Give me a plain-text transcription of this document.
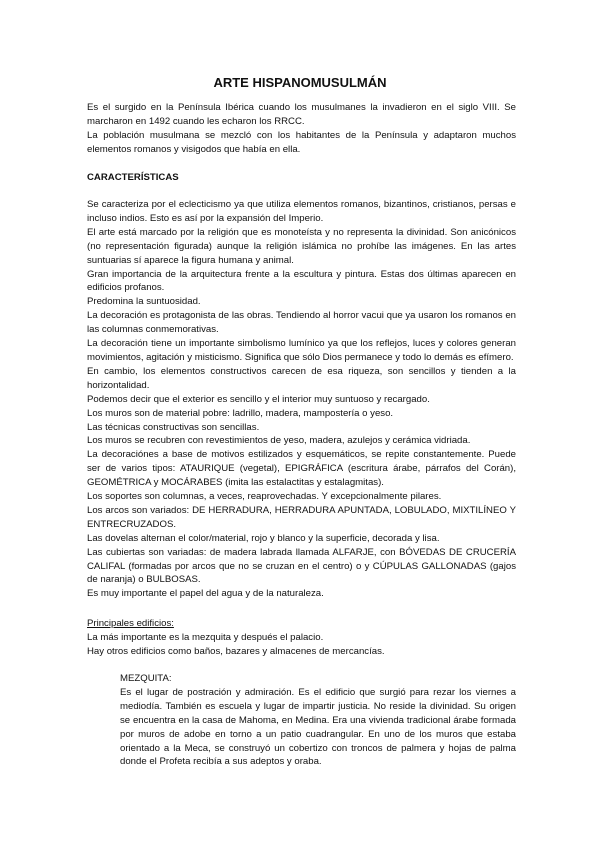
ARTE HISPANOMUSULMÁN

Es el surgido en la Península Ibérica cuando los musulmanes la invadieron en el siglo VIII. Se marcharon en 1492 cuando les echaron los RRCC.

La población musulmana se mezcló con los habitantes de la Península y adaptaron muchos elementos romanos y visigodos que había en ella.

CARACTERÍSTICAS

Se caracteriza por el eclecticismo ya que utiliza elementos romanos, bizantinos, cristianos, persas e incluso indios. Esto es así por la expansión del Imperio.

El arte está marcado por la religión que es monoteísta y no representa la divinidad. Son anicónicos (no representación figurada) aunque la religión islámica no prohíbe las imágenes. En las artes suntuarias sí aparece la figura humana y animal.

Gran importancia de la arquitectura frente a la escultura y pintura. Estas dos últimas aparecen en edificios profanos.

Predomina la suntuosidad.

La decoración es protagonista de las obras. Tendiendo al horror vacui que ya usaron los romanos en las columnas conmemorativas.

La decoración tiene un importante simbolismo lumínico ya que los reflejos, luces y colores generan movimientos, agitación y misticismo. Significa que sólo Dios permanece y todo lo demás es efímero.

En cambio, los elementos constructivos carecen de esa riqueza, son sencillos y tienden a la horizontalidad.

Podemos decir que el exterior es sencillo y el interior muy suntuoso y recargado.

Los muros son de material pobre: ladrillo, madera, mampostería o yeso.

Las técnicas constructivas son sencillas.

Los muros se recubren con revestimientos de yeso, madera, azulejos y cerámica vidriada.

La decoraciónes a base de motivos estilizados y esquemáticos, se repite constantemente. Puede ser de varios tipos: ATAURIQUE (vegetal), EPIGRÁFICA (escritura árabe, párrafos del Corán), GEOMÉTRICA y MOCÁRABES (imita las estalactitas y estalagmitas).

Los soportes son columnas, a veces, reaprovechadas. Y excepcionalmente pilares.

Los arcos son variados: DE HERRADURA, HERRADURA APUNTADA, LOBULADO, MIXTILÍNEO Y ENTRECRUZADOS.

Las dovelas alternan el color/material, rojo y blanco y la superficie, decorada y lisa.

Las cubiertas son variadas: de madera labrada llamada ALFARJE, con BÓVEDAS DE CRUCERÍA CALIFAL (formadas por arcos que no se cruzan en el centro) o y CÚPULAS GALLONADAS (gajos de naranja) o BULBOSAS.

Es muy importante el papel del agua y de la naturaleza.

Principales edificios:

La más importante es la mezquita y después el palacio.

Hay otros edificios como baños, bazares y almacenes de mercancías.

MEZQUITA:

Es el lugar de postración y admiración. Es el edificio que surgió para rezar los viernes a mediodía. También es escuela y lugar de impartir justicia. No reside la divinidad. Su origen se encuentra en la casa de Mahoma, en Medina. Era una vivienda tradicional árabe formada por muros de adobe en torno a un patio cuadrangular. En uno de los muros que estaba orientado a la Meca, se construyó un cobertizo con troncos de palmera y hojas de palma donde el Profeta recibía a sus adeptos y oraba.
